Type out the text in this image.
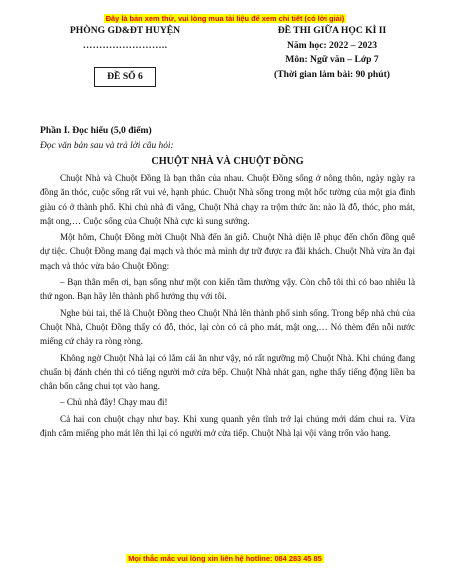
Đây là bản xem thử, vui lòng mua tài liệu để xem chi tiết (có lời giải)
PHÒNG GD&ĐT HUYỆN
……………………..
ĐỀ SỐ 6
ĐỀ THI GIỮA HỌC KÌ II
Năm học: 2022 – 2023
Môn: Ngữ văn – Lớp 7
(Thời gian làm bài: 90 phút)
Phần I. Đọc hiểu (5,0 điểm)
Đọc văn bản sau và trả lời câu hỏi:
CHUỘT NHÀ VÀ CHUỘT ĐỒNG

Chuột Nhà và Chuột Đồng là bạn thân của nhau. Chuột Đồng sống ở nông thôn, ngày ngày ra đồng ăn thóc, cuộc sống rất vui vẻ, hạnh phúc. Chuột Nhà sống trong một hốc tường của một gia đình giàu có ở thành phố. Khi chủ nhà đi vắng, Chuột Nhà chạy ra trộm thức ăn: nào là đỗ, thóc, pho mát, mật ong,… Cuộc sống của Chuột Nhà cực kì sung sướng.

Một hôm, Chuột Đồng mời Chuột Nhà đến ăn giỗ. Chuột Nhà diện lễ phục đến chốn đồng quê dự tiệc. Chuột Đồng mang đại mạch và thóc mà mình dự trữ được ra đãi khách. Chuột Nhà vừa ăn đại mạch và thóc vừa bảo Chuột Đồng:

– Bạn thân mến ơi, bạn sống như một con kiến tầm thường vậy. Còn chỗ tôi thì có bao nhiêu là thứ ngon. Bạn hãy lên thành phố hưởng thụ với tôi.

Nghe bùi tai, thế là Chuột Đồng theo Chuột Nhà lên thành phố sinh sống. Trong bếp nhà chủ của Chuột Nhà, Chuột Đồng thấy có đỗ, thóc, lại còn có cả pho mát, mật ong,… Nó thèm đến nỗi nước miếng cứ chảy ra ròng ròng.

Không ngờ Chuột Nhà lại có lắm cái ăn như vậy, nó rất ngưỡng mộ Chuột Nhà. Khi chúng đang chuẩn bị đánh chén thì có tiếng người mở cửa bếp. Chuột Nhà nhát gan, nghe thấy tiếng động liền ba chân bốn cẳng chui tọt vào hang.

– Chủ nhà đây! Chạy mau đi!

Cả hai con chuột chạy như bay. Khi xung quanh yên tĩnh trở lại chúng mới dám chui ra. Vừa định cắm miếng pho mát lên thì lại có người mở cửa tiếp. Chuột Nhà lại vội vàng trốn vào hang.

Mọi thắc mắc vui lòng xin liên hệ hotline: 084 283 45 85
